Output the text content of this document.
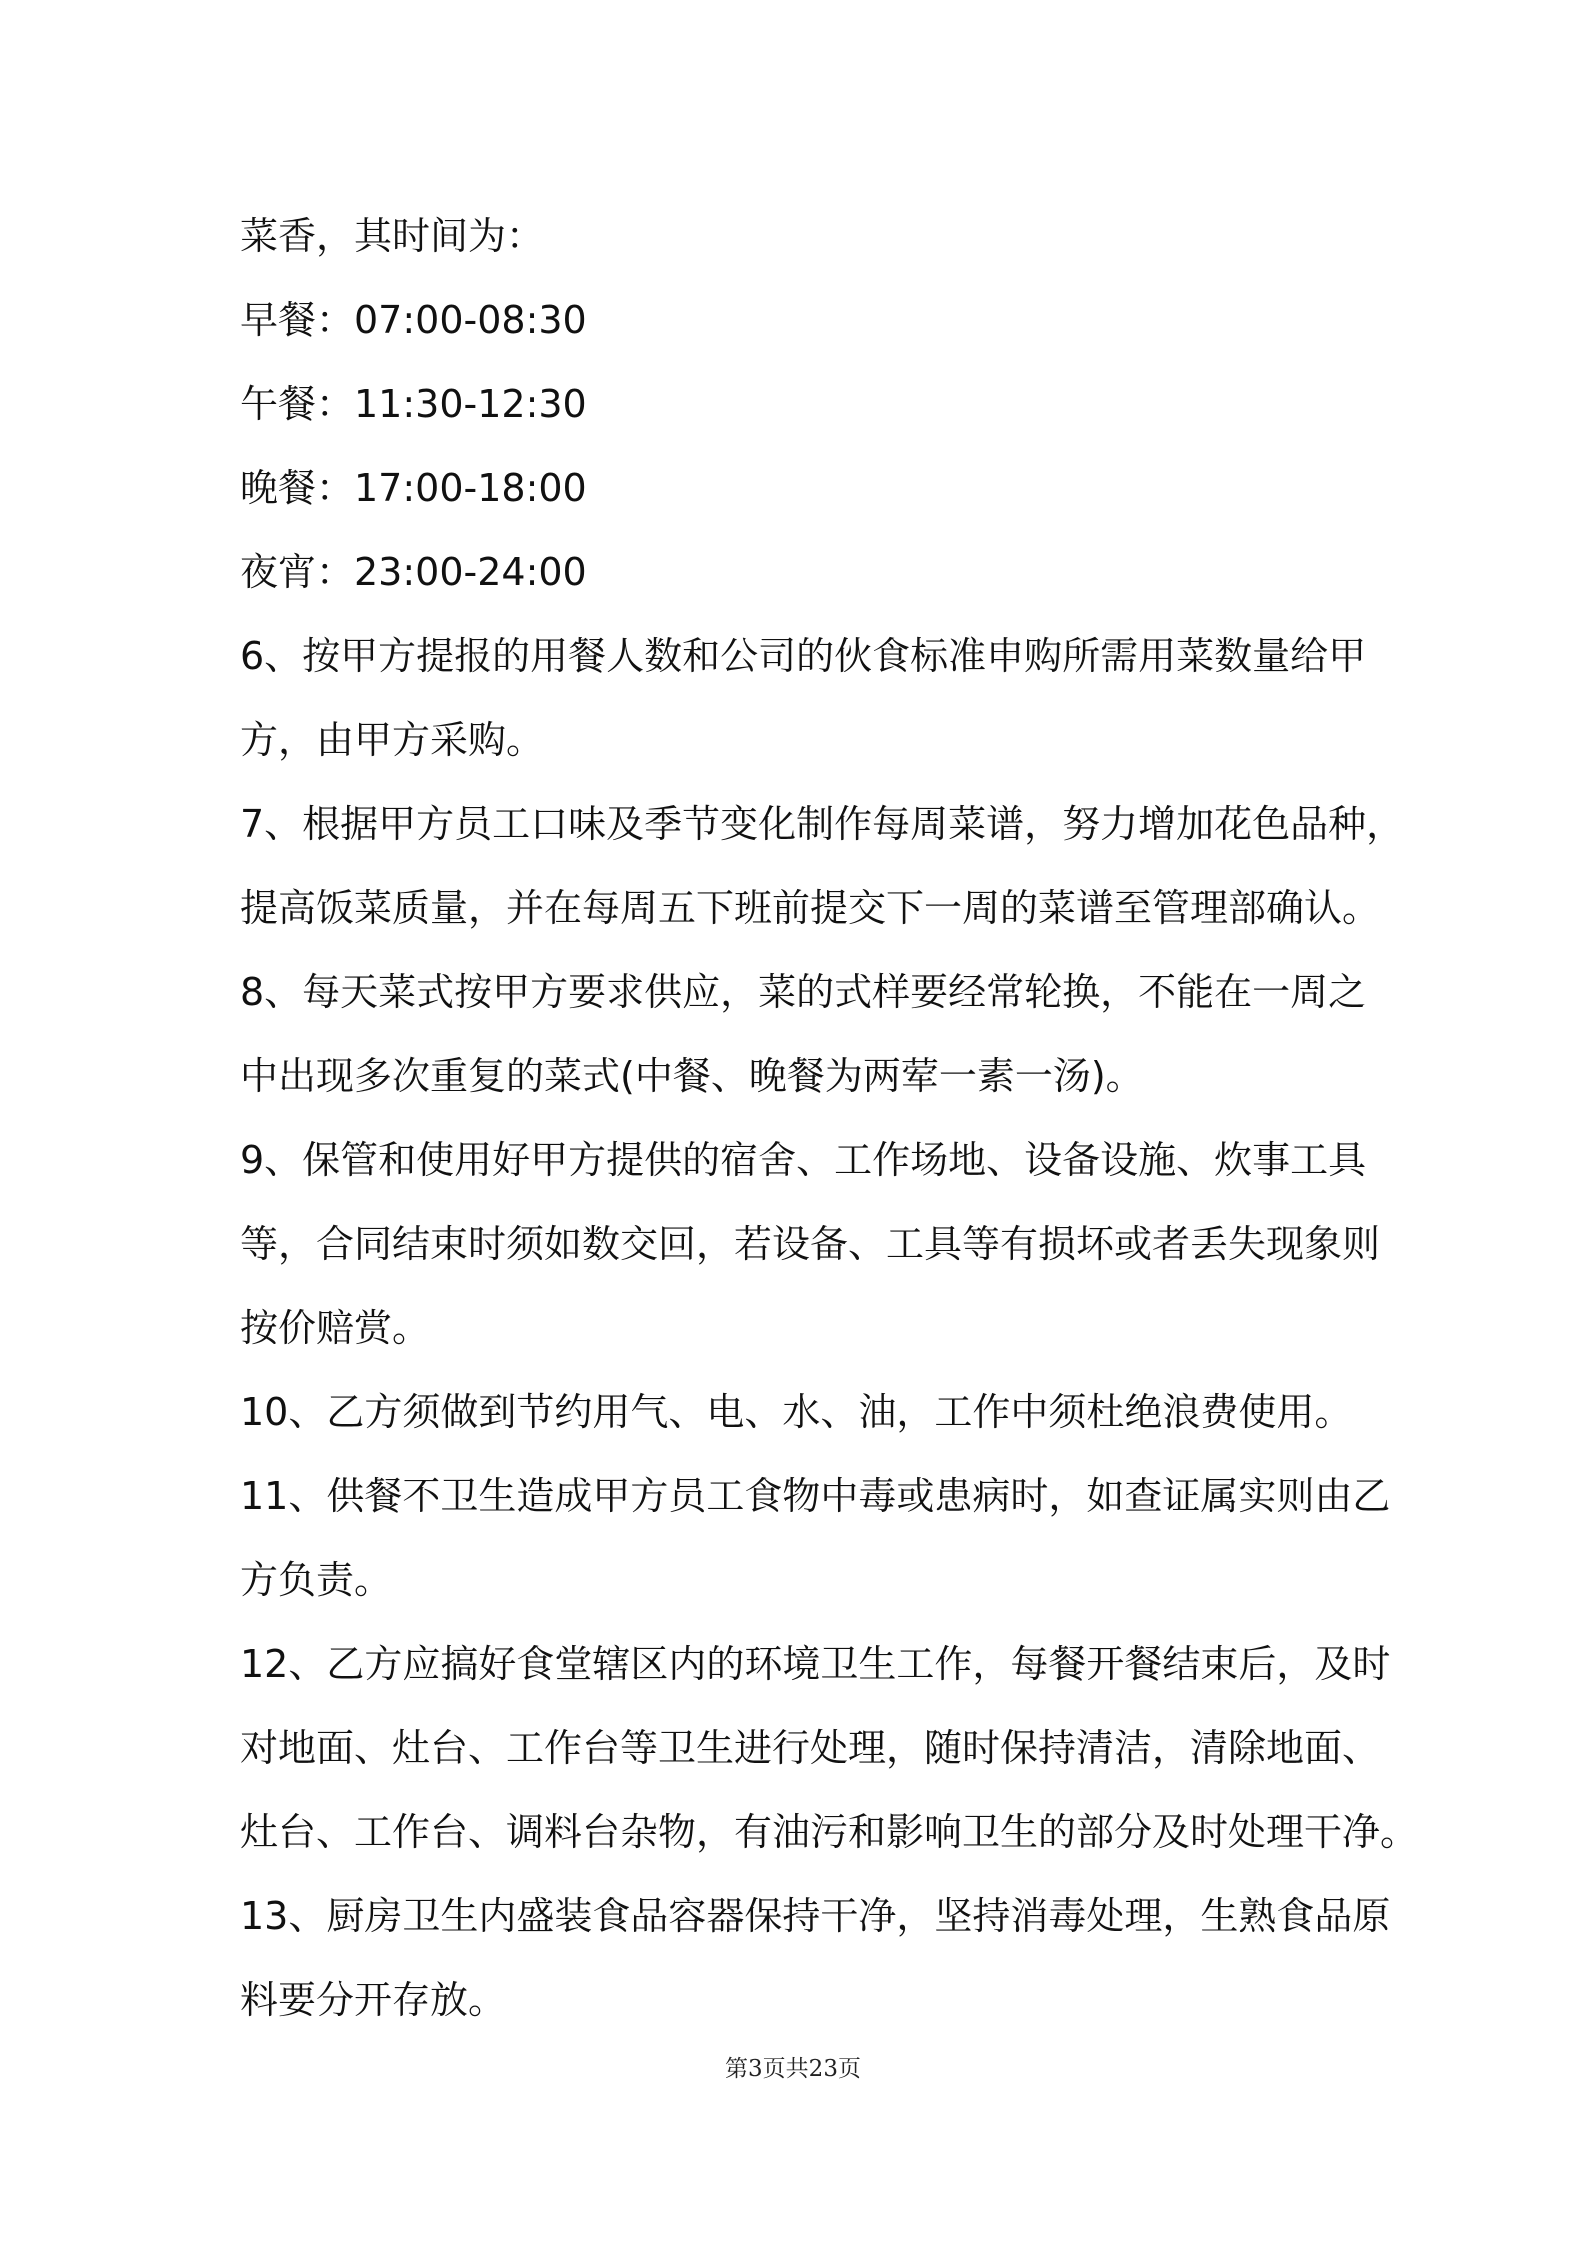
菜香，其时间为：
早餐：07:00-08:30
午餐：11:30-12:30
晚餐：17:00-18:00
夜宵：23:00-24:00
6、按甲方提报的用餐人数和公司的伙食标准申购所需用菜数量给甲
方，由甲方采购。
7、根据甲方员工口味及季节变化制作每周菜谱，努力增加花色品种，
提高饭菜质量，并在每周五下班前提交下一周的菜谱至管理部确认。
8、每天菜式按甲方要求供应，菜的式样要经常轮换，不能在一周之
中出现多次重复的菜式(中餐、晚餐为两荤一素一汤)。
9、保管和使用好甲方提供的宿舍、工作场地、设备设施、炊事工具
等，合同结束时须如数交回，若设备、工具等有损坏或者丢失现象则
按价赔赏。
10、乙方须做到节约用气、电、水、油，工作中须杜绝浪费使用。
11、供餐不卫生造成甲方员工食物中毒或患病时，如查证属实则由乙
方负责。
12、乙方应搞好食堂辖区内的环境卫生工作，每餐开餐结束后，及时
对地面、灶台、工作台等卫生进行处理，随时保持清洁，清除地面、
灶台、工作台、调料台杂物，有油污和影响卫生的部分及时处理干净。
13、厨房卫生内盛装食品容器保持干净，坚持消毒处理，生熟食品原
料要分开存放。
第3页共23页
